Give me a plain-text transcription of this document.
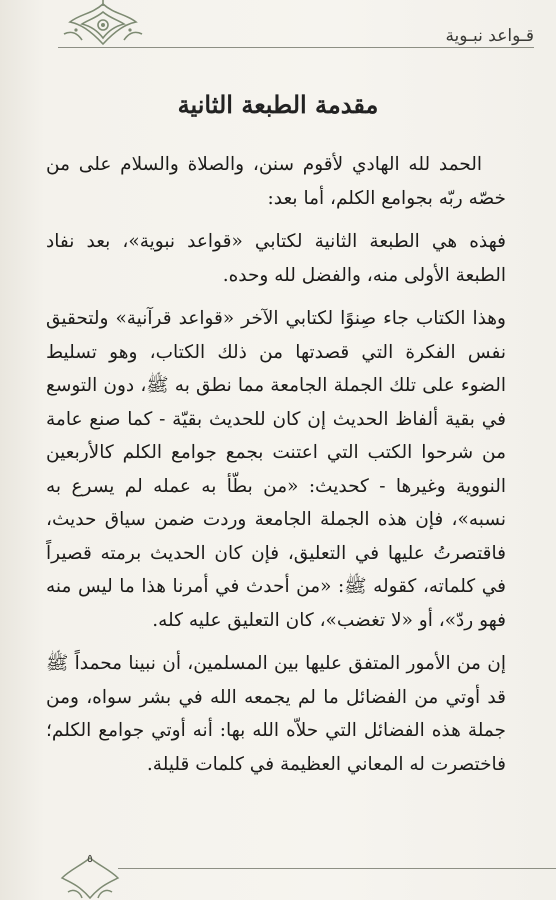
قـواعد نبـوية
مقدمة الطبعة الثانية

الحمد لله الهادي لأقوم سنن، والصلاة والسلام على من خصّه ربّه بجوامع الكلم، أما بعد:

فهذه هي الطبعة الثانية لكتابي «قواعد نبوية»، بعد نفاد الطبعة الأولى منه، والفضل لله وحده.

وهذا الكتاب جاء صِنوًا لكتابي الآخر «قواعد قرآنية» ولتحقيق نفس الفكرة التي قصدتها من ذلك الكتاب، وهو تسليط الضوء على تلك الجملة الجامعة مما نطق به ﷺ، دون التوسع في بقية ألفاظ الحديث إن كان للحديث بقيّة - كما صنع عامة من شرحوا الكتب التي اعتنت بجمع جوامع الكلم كالأربعين النووية وغيرها - كحديث: «من بطّأ به عمله لم يسرع به نسبه»، فإن هذه الجملة الجامعة وردت ضمن سياق حديث، فاقتصرتُ عليها في التعليق، فإن كان الحديث برمته قصيراً في كلماته، كقوله ﷺ: «من أحدث في أمرنا هذا ما ليس منه فهو ردّ»، أو «لا تغضب»، كان التعليق عليه كله.

إن من الأمور المتفق عليها بين المسلمين، أن نبينا محمداً ﷺ قد أوتي من الفضائل ما لم يجمعه الله في بشر سواه، ومن جملة هذه الفضائل التي حلاّه الله بها: أنه أوتي جوامع الكلم؛ فاختصرت له المعاني العظيمة في كلمات قليلة.

٥
